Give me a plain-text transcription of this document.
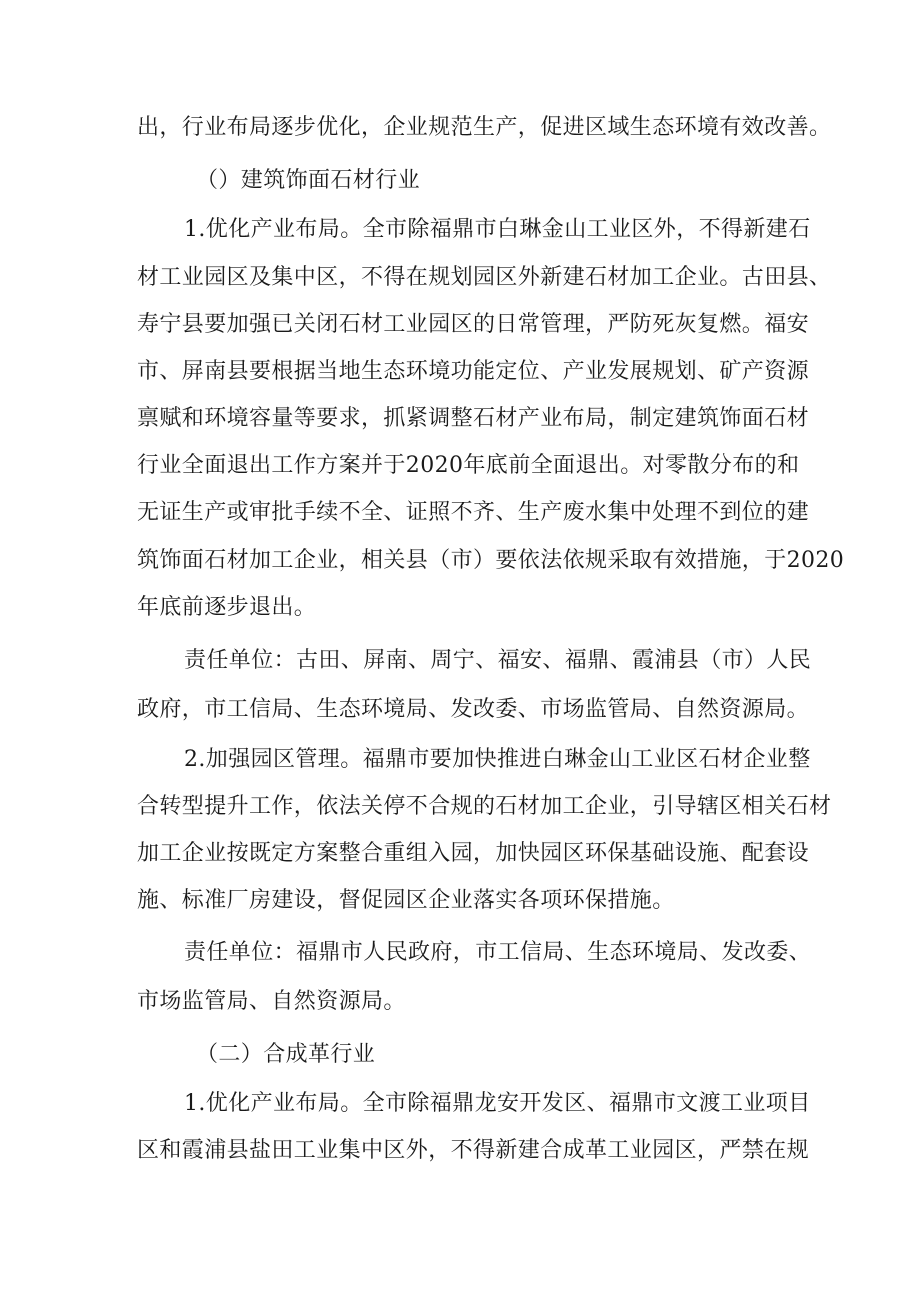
出，行业布局逐步优化，企业规范生产，促进区域生态环境有效改善。
（）建筑饰面石材行业
1.优化产业布局。全市除福鼎市白琳金山工业区外，不得新建石
材工业园区及集中区，不得在规划园区外新建石材加工企业。古田县、
寿宁县要加强已关闭石材工业园区的日常管理，严防死灰复燃。福安
市、屏南县要根据当地生态环境功能定位、产业发展规划、矿产资源
禀赋和环境容量等要求，抓紧调整石材产业布局，制定建筑饰面石材
行业全面退出工作方案并于2020年底前全面退出。对零散分布的和
无证生产或审批手续不全、证照不齐、生产废水集中处理不到位的建
筑饰面石材加工企业，相关县（市）要依法依规采取有效措施，于2020
年底前逐步退出。
责任单位：古田、屏南、周宁、福安、福鼎、霞浦县（市）人民
政府，市工信局、生态环境局、发改委、市场监管局、自然资源局。
2.加强园区管理。福鼎市要加快推进白琳金山工业区石材企业整
合转型提升工作，依法关停不合规的石材加工企业，引导辖区相关石材
加工企业按既定方案整合重组入园，加快园区环保基础设施、配套设
施、标准厂房建设，督促园区企业落实各项环保措施。
责任单位：福鼎市人民政府，市工信局、生态环境局、发改委、
市场监管局、自然资源局。
（二）合成革行业
1.优化产业布局。全市除福鼎龙安开发区、福鼎市文渡工业项目
区和霞浦县盐田工业集中区外，不得新建合成革工业园区，严禁在规
